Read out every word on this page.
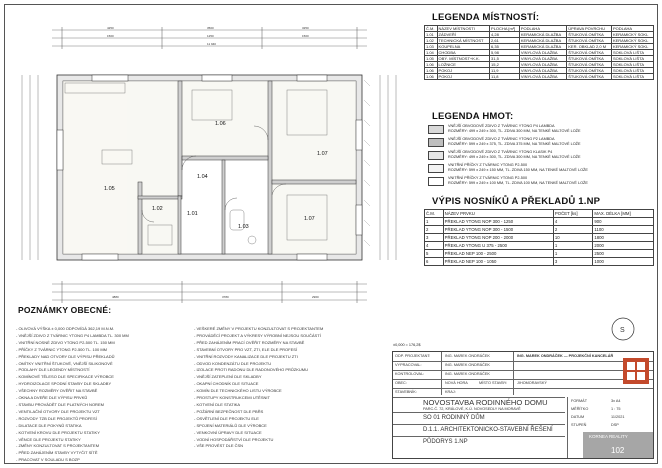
4250	3500	3250
1500	1250	1500
11 940
4880	3780	2960
1.05
1.06
1.07
1.07
1.04
1.01
1.02
1.03
LEGENDA MÍSTNOSTÍ:
Č.M.	NÁZEV MÍSTNOSTI	PLOCHA [m²]	PODLAHA	ÚPRAVA POVRCHU	PODLAHA
1.01	ZÁDVEŘÍ	4,28	KERAMICKÁ DLAŽBA	ŠTUKOVÁ OMÍTKA	KERAMICKÝ SOKL
1.02	TECHNICKÁ MÍSTNOST	2,61	KERAMICKÁ DLAŽBA	ŠTUKOVÁ OMÍTKA	KERAMICKÝ SOKL
1.03	KOUPELNA	6,35	KERAMICKÁ DLAŽBA	KER. OBKLAD 2,0 M	KERAMICKÝ SOKL
1.04	CHODBA	5,98	VINYLOVÁ DLAŽBA	ŠTUKOVÁ OMÍTKA	SOKLOVÁ LIŠTA
1.05	OBÝ. MÍSTNOST+K.K.	31,5	VINYLOVÁ DLAŽBA	ŠTUKOVÁ OMÍTKA	SOKLOVÁ LIŠTA
1.06	LOŽNICE	15,2	VINYLOVÁ DLAŽBA	ŠTUKOVÁ OMÍTKA	SOKLOVÁ LIŠTA
1.06	POKOJ	11,9	VINYLOVÁ DLAŽBA	ŠTUKOVÁ OMÍTKA	SOKLOVÁ LIŠTA
1.06	POKOJ	11,8	VINYLOVÁ DLAŽBA	ŠTUKOVÁ OMÍTKA	SOKLOVÁ LIŠTA
LEGENDA HMOT:
VNĚJŠÍ OBVODOVÉ ZDIVO Z TVÁRNIC YTONG P4 LAMBDA
ROZMĚRY: 499 x 249 x 300, TL. ZDIVA 300 MM, NA TENKÉ MALTOVÉ LOŽE
VNĚJŠÍ OBVODOVÉ ZDIVO Z TVÁRNIC YTONG P2 LAMBDA
ROZMĚRY: 599 x 249 x 375, TL. ZDIVA 375 MM, NA TENKÉ MALTOVÉ LOŽE
VNĚJŠÍ OBVODOVÉ ZDIVO Z TVÁRNIC YTONG KLASIK P4
ROZMĚRY: 499 x 249 x 300, TL. ZDIVA 300 MM, NA TENKÉ MALTOVÉ LOŽE
VNITŘNÍ PŘÍČKY Z TVÁRNIC YTONG P2-500
ROZMĚRY: 599 x 249 x 150 MM, TL. ZDIVA 150 MM, NA TENKÉ MALTOVÉ LOŽE
VNITŘNÍ PŘÍČKY Z TVÁRNIC YTONG P2-500
ROZMĚRY: 599 x 249 x 100 MM, TL. ZDIVA 100 MM, NA TENKÉ MALTOVÉ LOŽE
VÝPIS NOSNÍKŮ A PŘEKLADŮ 1.NP
Č.M.	NÁZEV PRVKU	POČET [ks]	MAX. DÉLKA [MM]
1	PŘEKLAD YTONG NOP 300 - 1250	4	900
2	PŘEKLAD YTONG NOP 300 - 1500	2	1100
3	PŘEKLAD YTONG NOP 200 - 2000	10	1800
4	PŘEKLAD YTONG U 375 - 2500	1	2000
5	PŘEKLAD NEP 100 - 2500	1	2500
6	PŘEKLAD NEP 100 - 1050	3	1000
S
POZNÁMKY OBECNÉ:

- OLIVOVÁ VÝŠKA ± 0,000 ODPOVÍDÁ 362,19 M.N.M.

- VNĚJŠÍ ZDIVO Z TVÁRNIC YTONG P4 LAMBDA TL. 300 MM

- VNITŘNÍ NOSNÉ ZDIVO YTONG P2-500 TL. 150 MM

- PŘÍČKY Z TVÁRNIC YTONG P2-500 TL. 100 MM

- PŘEKLADY NAD OTVORY DLE VÝPISU PŘEKLADŮ

- OMÍTKY VNITŘNÍ ŠTUKOVÉ, VNĚJŠÍ SILIKONOVÉ

- PODLAHY DLE LEGENDY MÍSTNOSTÍ

- KOMÍNOVÉ TĚLESO DLE SPECIFIKACE VÝROBCE

- HYDROIZOLACE SPODNÍ STAVBY DLE SKLADBY

- VŠECHNY ROZMĚRY OVĚŘIT NA STAVBĚ

- OKNA A DVEŘE DLE VÝPISU PRVKŮ

- STAVBU PROVÁDĚT DLE PLATNÝCH NOREM

- VENTILAČNÍ OTVORY DLE PROJEKTU VZT

- ROZVODY TZB DLE PROJEKTŮ PROFESÍ

- DILATACE DLE POKYNŮ STATIKA

- KOTVENÍ KROVU DLE PROJEKTU STATIKY

- VĚNCE DLE PROJEKTU STATIKY

- ZMĚNY KONZULTOVAT S PROJEKTANTEM

- PŘED ZAHÁJENÍM STAVBY VYTYČIT SÍTĚ

- PRACOVAT V SOULADU S BOZP

- VEŠKERÉ ZMĚNY V PROJEKTU KONZULTOVAT S PROJEKTANTEM

- PROVÁDĚCÍ PROJEKT A VÝKRESY VÝROBNÍ NEJSOU SOUČÁSTÍ

- PŘED ZAHÁJENÍM PRACÍ OVĚŘIT ROZMĚRY NA STAVBĚ

- STAVEBNÍ OTVORY PRO VZT, ZTI, ELE DLE PROFESÍ

- VNITŘNÍ ROZVODY KANALIZACE DLE PROJEKTU ZTI

- ODVOD KONDENZÁTU DLE PROJEKTU

- IZOLACE PROTI RADONU DLE RADONOVÉHO PRŮZKUMU

- VNĚJŠÍ ZATEPLENÍ DLE SKLADBY

- OKAPNÍ CHODNÍK DLE SITUACE

- KOMÍN DLE TECHNICKÉHO LISTU VÝROBCE

- PROSTUPY KONSTRUKCEMI UTĚSNIT

- KOTVENÍ DLE STATIKA

- POŽÁRNÍ BEZPEČNOST DLE PBŘS

- OSVĚTLENÍ DLE PROJEKTU ELE

- SPOJENÍ MATERIÁLŮ DLE VÝROBCE

- VENKOVNÍ ÚPRAVY DLE SITUACE

- VODNÍ HOSPODÁŘSTVÍ DLE PROJEKTU

- VŠE PROVÉST DLE ČSN

±0,000 = 176,2$
ODP. PROJEKTANT:	ING. MAREK ONDRÁČEK
VYPRACOVAL:	ING. MAREK ONDRÁČEK
KONTROLOVAL:	ING. MAREK ONDRÁČEK
OBEC:	NOVÁ HORA
STAVEBNÍK:	KRAJ:
MÍSTO STAVBY:	JIHOMORAVSKÝ
ING. MAREK ONDRÁČEK — PROJEKČNÍ KANCELÁŘ
NOVOSTAVBA RODINNÉHO DOMU
PARC.Č. 72, KRÁLOVÉ, K.Ú. NOVOSEDLY NA MORAVĚ
SO 01 RODINNÝ DŮM
D.1.1. ARCHITEKTONICKO-STAVEBNÍ ŘEŠENÍ
PŮDORYS 1.NP
FORMÁT	3x A4
MĚŘÍTKO	1 : 75
DATUM	11/2021
STUPEŇ	DSP
KORNEA REALITY
102
